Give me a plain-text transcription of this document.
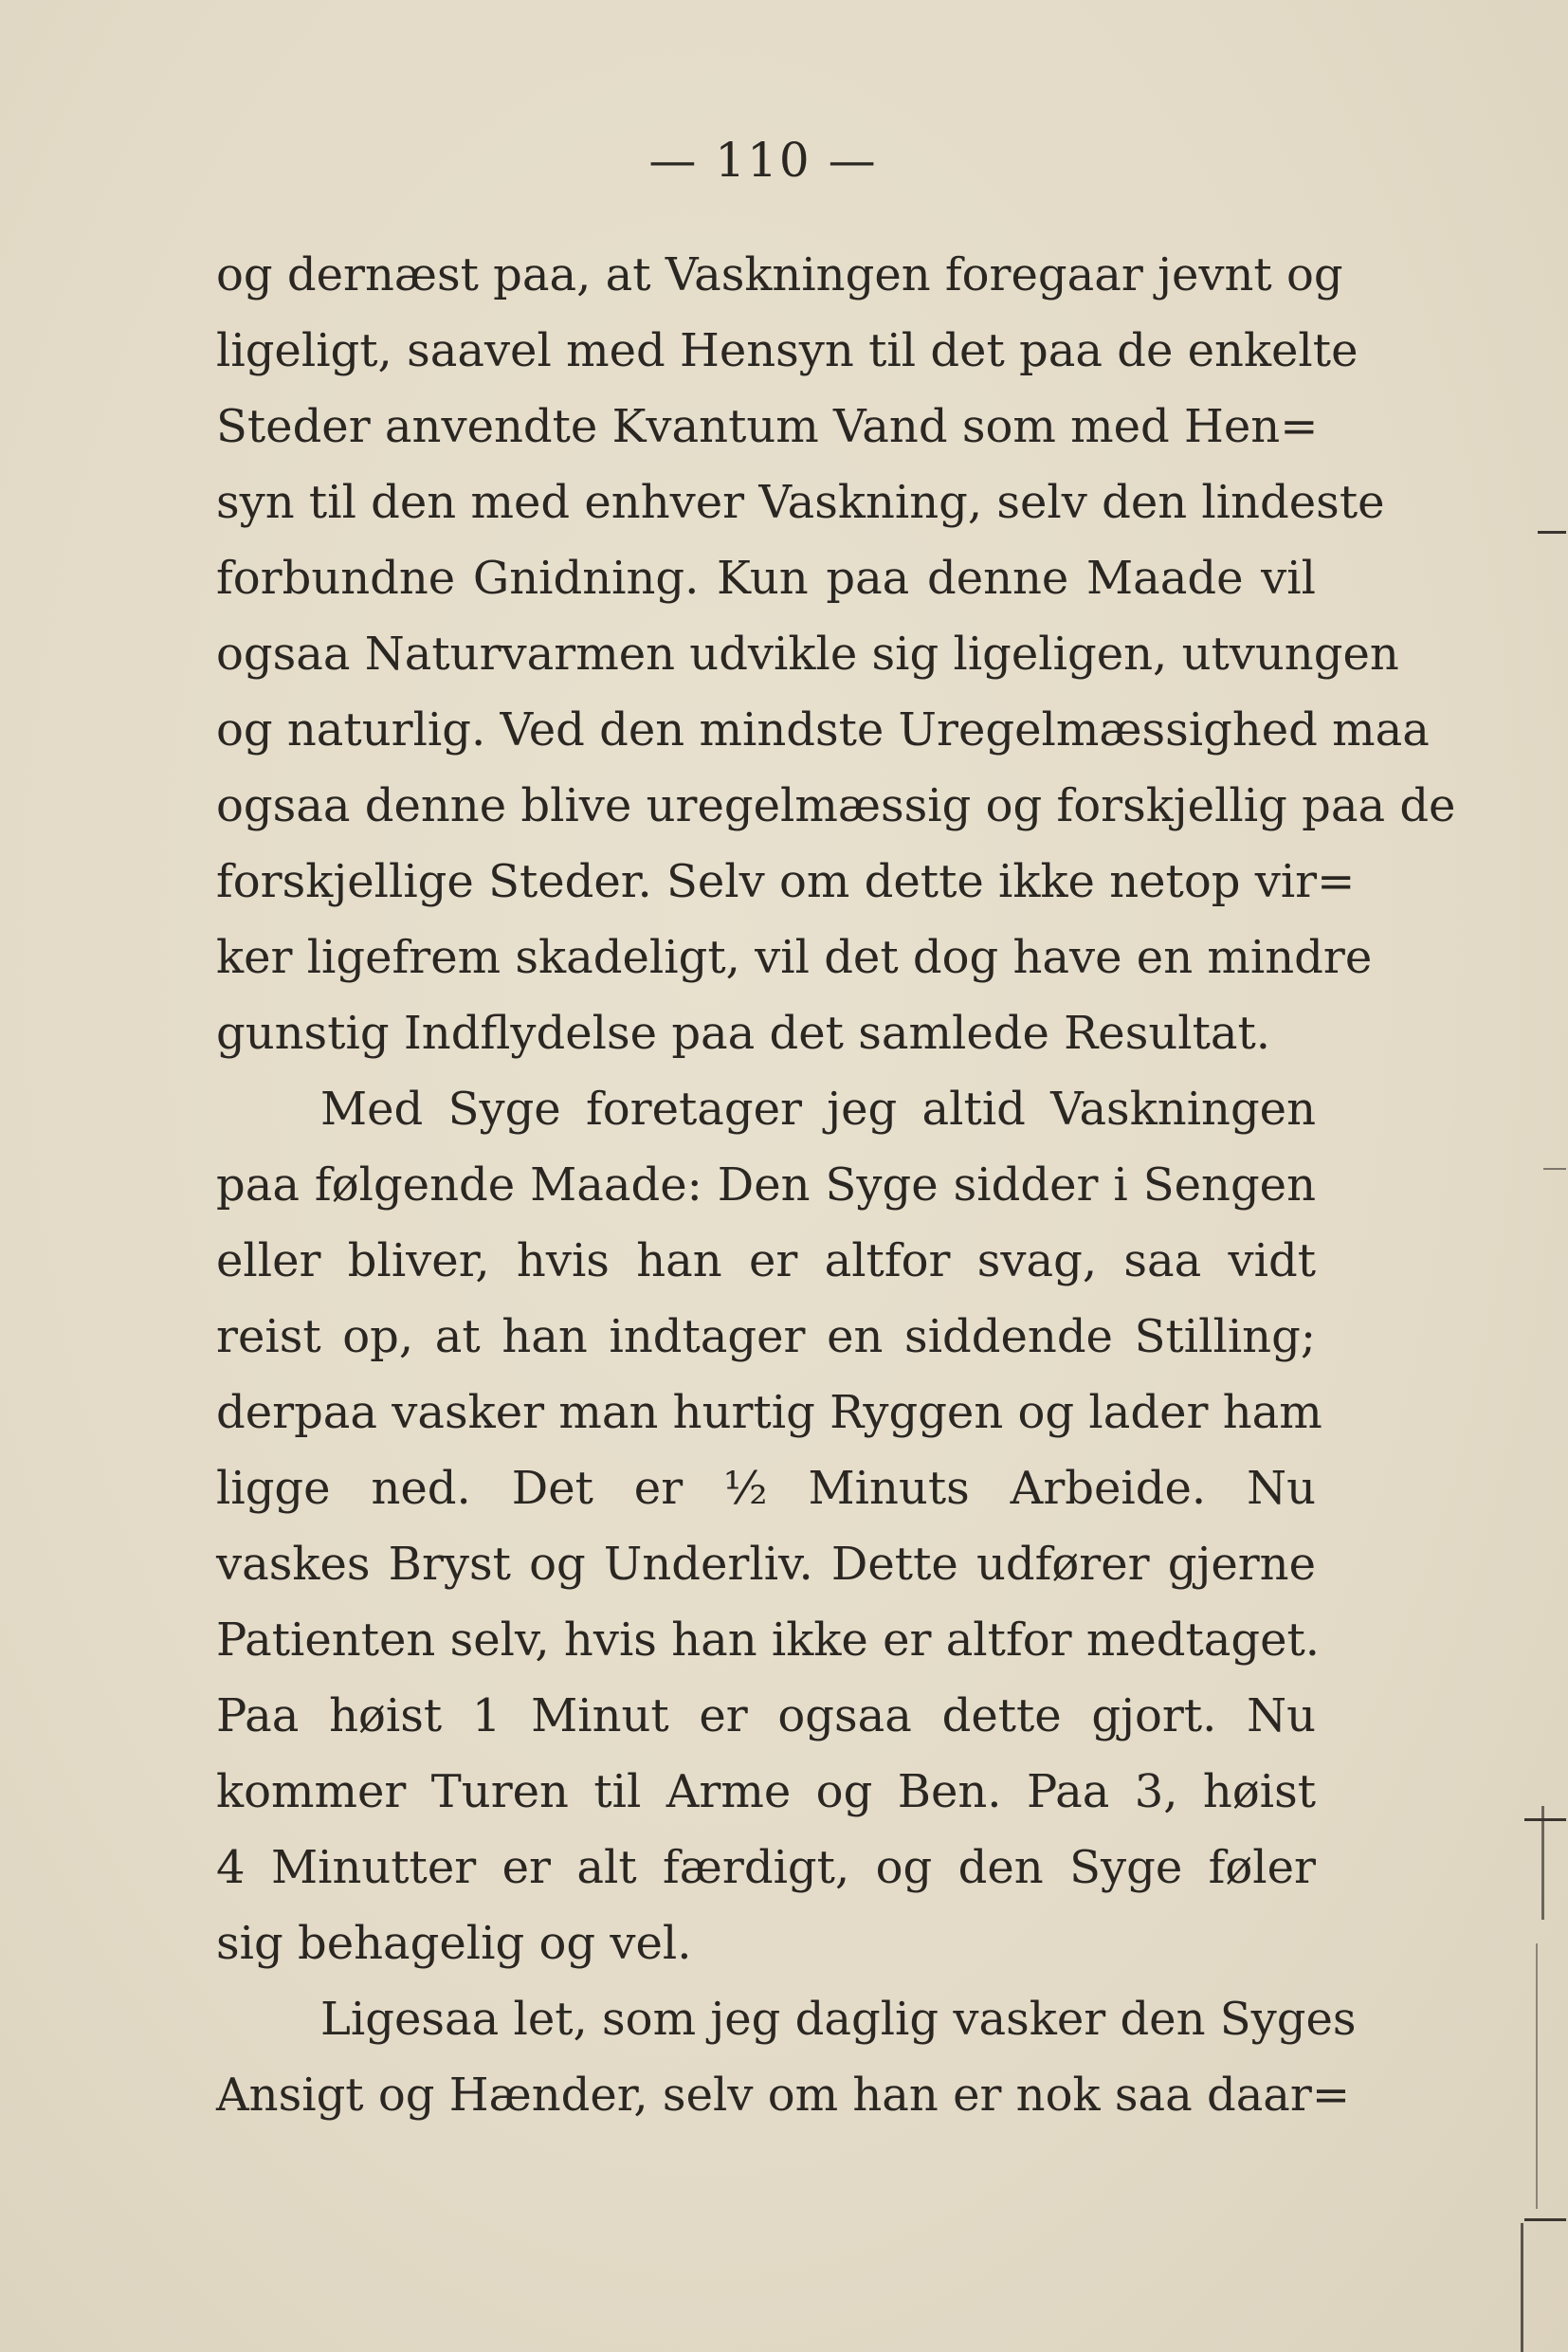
— 110 —
og dernæst paa, at Vaskningen foregaar jevnt og
ligeligt, saavel med Hensyn til det paa de enkelte
Steder anvendte Kvantum Vand som med Hen=
syn til den med enhver Vaskning, selv den lindeste
forbundne Gnidning. Kun paa denne Maade vil
ogsaa Naturvarmen udvikle sig ligeligen, utvungen
og naturlig. Ved den mindste Uregelmæssighed maa
ogsaa denne blive uregelmæssig og forskjellig paa de
forskjellige Steder. Selv om dette ikke netop vir=
ker ligefrem skadeligt, vil det dog have en mindre
gunstig Indflydelse paa det samlede Resultat.
Med Syge foretager jeg altid Vaskningen
paa følgende Maade: Den Syge sidder i Sengen
eller bliver, hvis han er altfor svag, saa vidt
reist op, at han indtager en siddende Stilling;
derpaa vasker man hurtig Ryggen og lader ham
ligge ned. Det er ½ Minuts Arbeide. Nu
vaskes Bryst og Underliv. Dette udfører gjerne
Patienten selv, hvis han ikke er altfor medtaget.
Paa høist 1 Minut er ogsaa dette gjort. Nu
kommer Turen til Arme og Ben. Paa 3, høist
4 Minutter er alt færdigt, og den Syge føler
sig behagelig og vel.
Ligesaa let, som jeg daglig vasker den Syges
Ansigt og Hænder, selv om han er nok saa daar=
